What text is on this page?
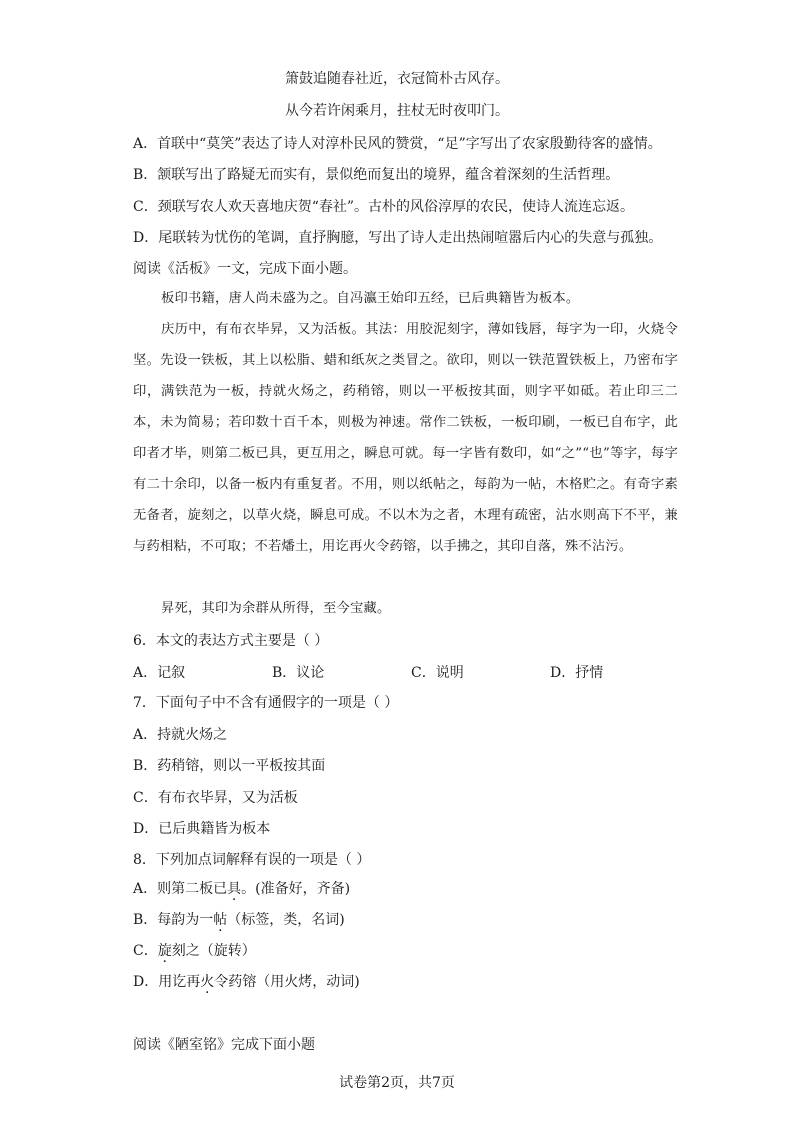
箫鼓追随春社近，衣冠简朴古风存。
从今若许闲乘月，拄杖无时夜叩门。
A．首联中“莫笑”表达了诗人对淳朴民风的赞赏，“足”字写出了农家殷勤待客的盛情。
B．颔联写出了路疑无而实有，景似绝而复出的境界，蕴含着深刻的生活哲理。
C．颈联写农人欢天喜地庆贺“春社”。古朴的风俗淳厚的农民，使诗人流连忘返。
D．尾联转为忧伤的笔调，直抒胸臆，写出了诗人走出热闹喧嚣后内心的失意与孤独。
阅读《活板》一文，完成下面小题。
板印书籍，唐人尚未盛为之。自冯瀛王始印五经，已后典籍皆为板本。
庆历中，有布衣毕昇，又为活板。其法：用胶泥刻字，薄如钱唇，每字为一印，火烧令坚。先设一铁板，其上以松脂、蜡和纸灰之类冒之。欲印，则以一铁范置铁板上，乃密布字印，满铁范为一板，持就火炀之，药稍镕，则以一平板按其面，则字平如砥。若止印三二本，未为简易；若印数十百千本，则极为神速。常作二铁板，一板印刷，一板已自布字，此印者才毕，则第二板已具，更互用之，瞬息可就。每一字皆有数印，如“之”“也”等字，每字有二十余印，以备一板内有重复者。不用，则以纸帖之，每韵为一帖，木格贮之。有奇字素无备者，旋刻之，以草火烧，瞬息可成。不以木为之者，木理有疏密，沾水则高下不平，兼与药相粘，不可取；不若燔土，用讫再火令药镕，以手拂之，其印自落，殊不沾污。
昇死，其印为余群从所得，至今宝藏。
6．本文的表达方式主要是（ ）
A．记叙	B．议论	C．说明	D．抒情
7．下面句子中不含有通假字的一项是（ ）
A．持就火炀之
B．药稍镕，则以一平板按其面
C．有布衣毕昇，又为活板
D．已后典籍皆为板本
8．下列加点词解释有误的一项是（ ）
A．则第二板已具。(准备好，齐备)
B．每韵为一帖（标签，类，名词)
C．旋刻之（旋转）
D．用讫再火令药镕（用火烤，动词)
阅读《陋室铭》完成下面小题
试卷第2页，共7页
